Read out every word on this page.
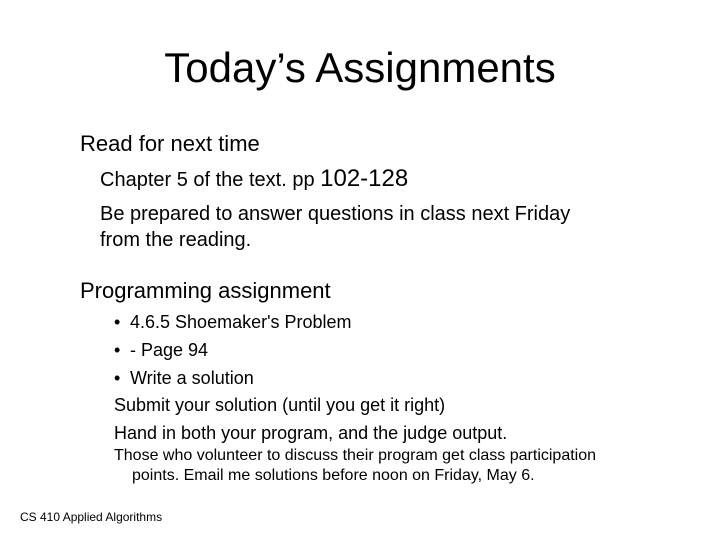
Today’s Assignments
Read for next time
Chapter 5 of the text. pp 102-128
Be prepared to answer questions in class next Friday
from the reading.
Programming assignment
• 4.6.5 Shoemaker's Problem
• - Page 94
• Write a solution
Submit your solution (until you get it right)
Hand in both your program, and the judge output.
Those who volunteer to discuss their program get class participation
points. Email me solutions before noon on Friday, May 6.
CS 410 Applied Algorithms
